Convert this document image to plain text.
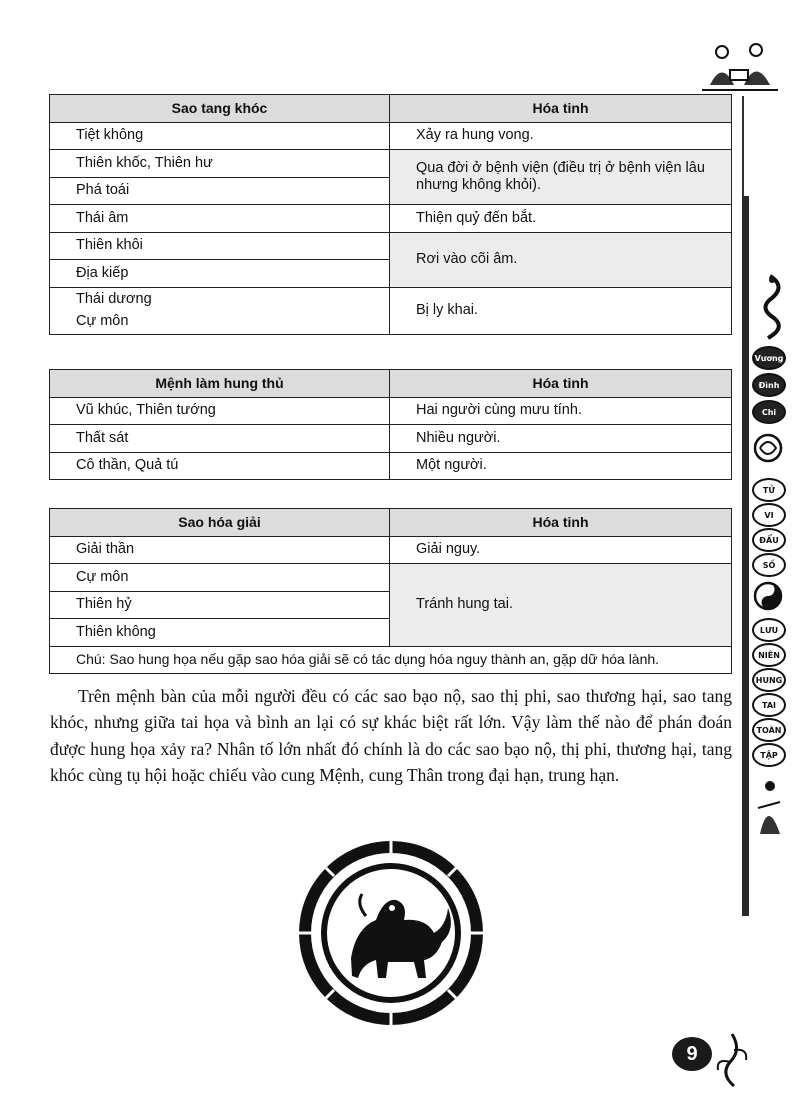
Sao tang khóc	Hóa tinh
Tiệt không	Xảy ra hung vong.
Thiên khốc, Thiên hư	Qua đời ở bệnh viện (điều trị ở bệnh viện lâu
nhưng không khỏi).
Phá toái	
Thái âm	Thiện quỷ đến bắt.
Thiên khôi	Rơi vào cõi âm.
Địa kiếp	
Thái dương
Cự môn	Bị ly khai.
Mệnh làm hung thủ	Hóa tinh
Vũ khúc, Thiên tướng	Hai người cùng mưu tính.
Thất sát	Nhiều người.
Cô thần, Quả tú	Một người.
Sao hóa giải	Hóa tinh
Giải thần	Giải nguy.
Cự môn	Tránh hung tai.
Thiên hỷ	
Thiên không	
Chú: Sao hung họa nếu gặp sao hóa giải sẽ có tác dụng hóa nguy thành an, gặp dữ hóa lành.	

Trên mệnh bàn của mỗi người đều có các sao bạo nộ, sao thị phi, sao thương hại, sao tang khóc, nhưng giữa tai họa và bình an lại có sự khác biệt rất lớn. Vậy làm thế nào để phán đoán được hung họa xảy ra? Nhân tố lớn nhất đó chính là do các sao bạo nộ, thị phi, thương hại, tang khóc cùng tụ hội hoặc chiếu vào cung Mệnh, cung Thân trong đại hạn, trung hạn.

Vương
Đình
Chi
TỬ
VI
ĐẨU
SỐ
LƯU
NIÊN
HUNG
TAI
TOÀN
TẬP
9
